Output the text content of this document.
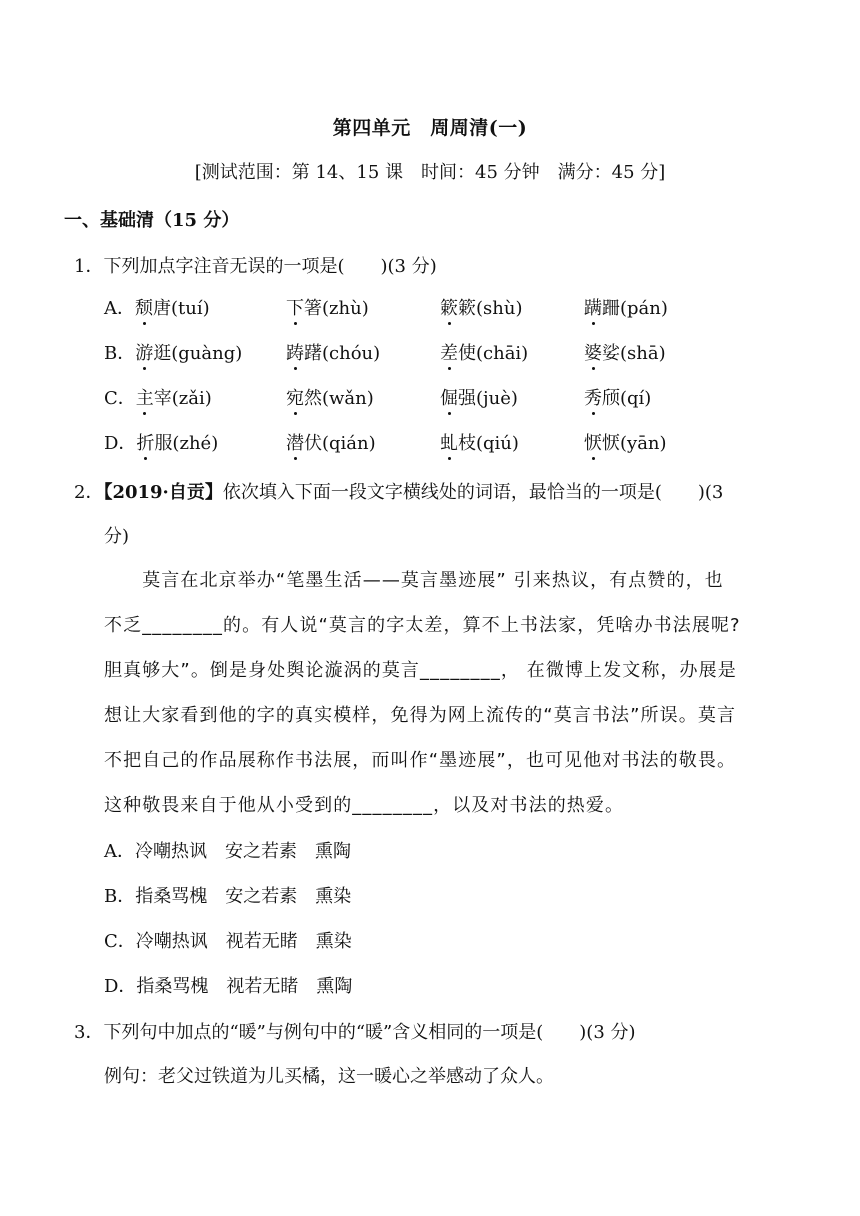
第四单元　周周清(一)
[测试范围：第 14、15 课　时间：45 分钟　满分：45 分]
一、基础清（15 分）
1．下列加点字注音无误的一项是(　　)(3 分)
A．颓唐(tuí)	下箸(zhù)	簌簌(shù)	蹒跚(pán)
B．游逛(guàng) 踌躇(chóu)	差使(chāi)	婆娑(shā)
C．主宰(zǎi)	宛然(wǎn)	倔强(juè)	秀颀(qí)
D．折服(zhé)	潜伏(qián)	虬枝(qiú)	恹恹(yān)
2．【2019·自贡】依次填入下面一段文字横线处的词语，最恰当的一项是(　　)(3
分)
　　莫言在北京举办“笔墨生活——莫言墨迹展” 引来热议，有点赞的，也
不乏________的。有人说“莫言的字太差，算不上书法家，凭啥办书法展呢?
胆真够大”。倒是身处舆论漩涡的莫言________， 在微博上发文称，办展是
想让大家看到他的字的真实模样，免得为网上流传的“莫言书法”所误。莫言
不把自己的作品展称作书法展，而叫作“墨迹展”，也可见他对书法的敬畏。
这种敬畏来自于他从小受到的________，以及对书法的热爱。
A．冷嘲热讽　安之若素　熏陶
B．指桑骂槐　安之若素　熏染
C．冷嘲热讽　视若无睹　熏染
D．指桑骂槐　视若无睹　熏陶
3．下列句中加点的“暖”与例句中的“暖”含义相同的一项是(　　)(3 分)
例句：老父过铁道为儿买橘，这一暖心之举感动了众人。
